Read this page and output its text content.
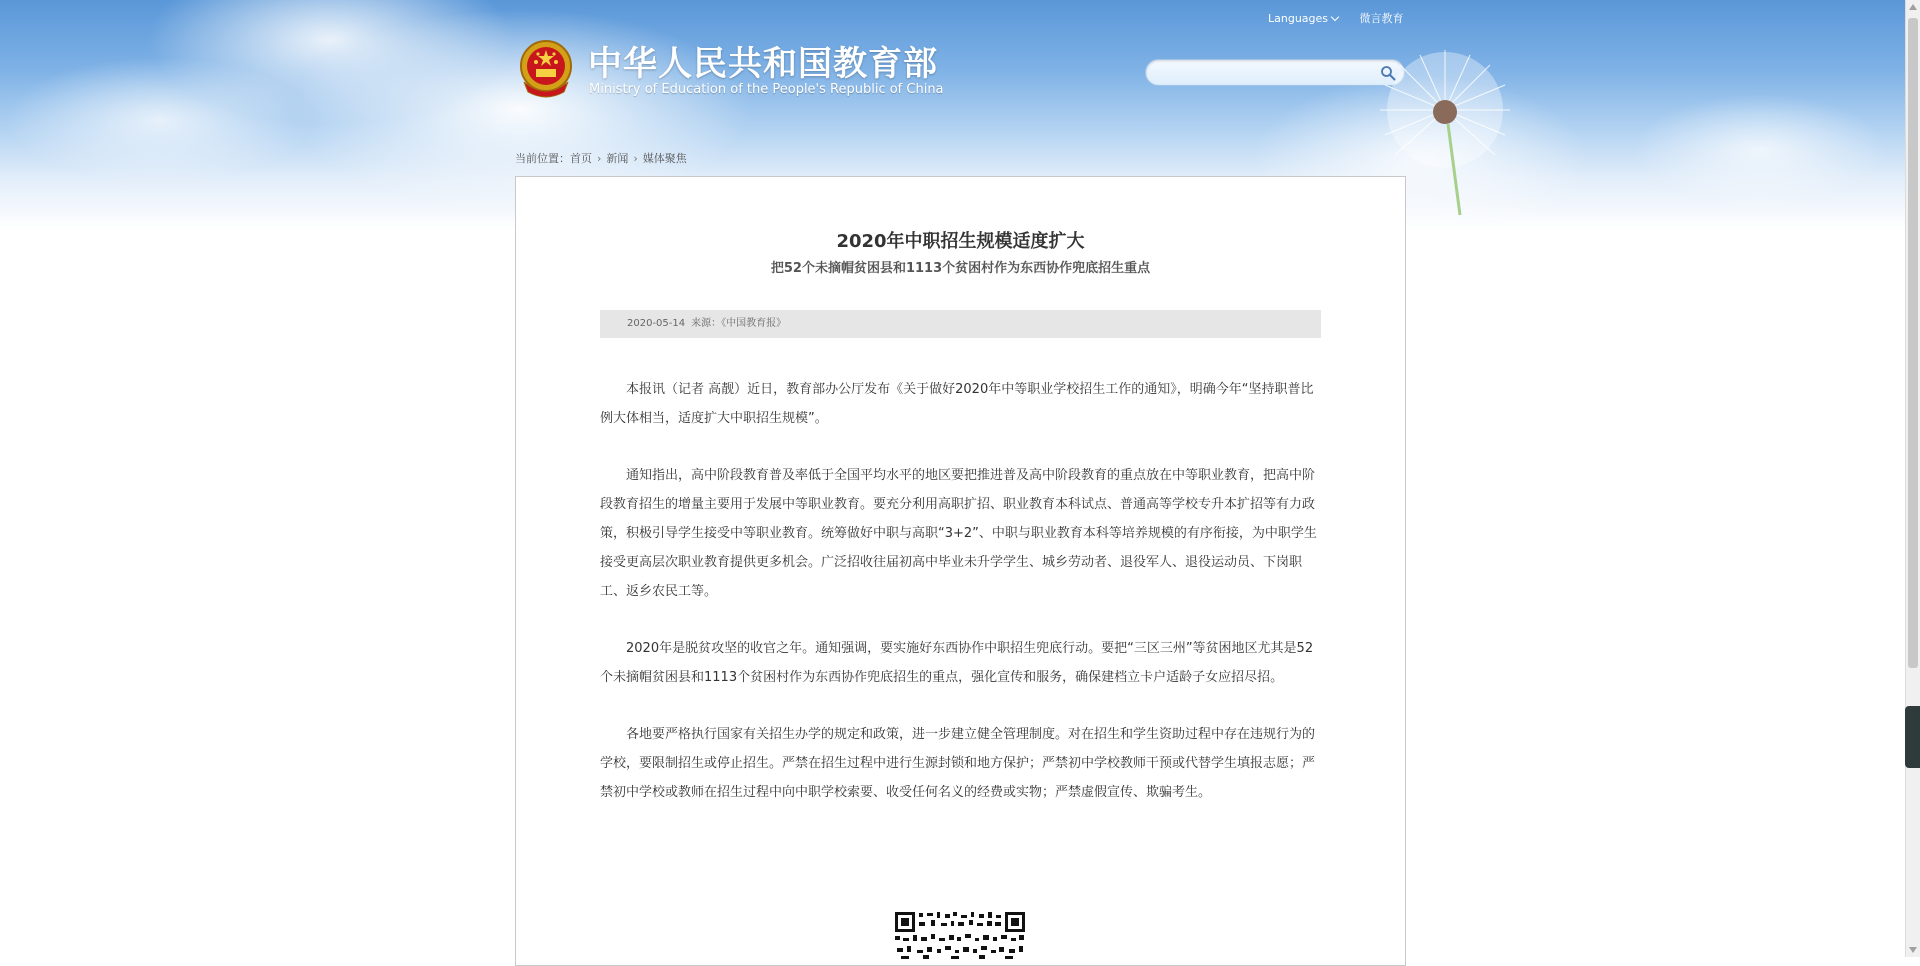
中华人民共和国教育部
Ministry of Education of the People's Republic of China
Languages	微言教育
当前位置：首页 › 新闻 › 媒体聚焦
2020年中职招生规模适度扩大
把52个未摘帽贫困县和1113个贫困村作为东西协作兜底招生重点
2020-05-14 来源：《中国教育报》

本报讯（记者 高靓）近日，教育部办公厅发布《关于做好2020年中等职业学校招生工作的通知》，明确今年“坚持职普比例大体相当，适度扩大中职招生规模”。

通知指出，高中阶段教育普及率低于全国平均水平的地区要把推进普及高中阶段教育的重点放在中等职业教育，把高中阶段教育招生的增量主要用于发展中等职业教育。要充分利用高职扩招、职业教育本科试点、普通高等学校专升本扩招等有力政策，积极引导学生接受中等职业教育。统筹做好中职与高职“3+2”、中职与职业教育本科等培养规模的有序衔接，为中职学生接受更高层次职业教育提供更多机会。广泛招收往届初高中毕业未升学学生、城乡劳动者、退役军人、退役运动员、下岗职工、返乡农民工等。

2020年是脱贫攻坚的收官之年。通知强调，要实施好东西协作中职招生兜底行动。要把“三区三州”等贫困地区尤其是52个未摘帽贫困县和1113个贫困村作为东西协作兜底招生的重点，强化宣传和服务，确保建档立卡户适龄子女应招尽招。

各地要严格执行国家有关招生办学的规定和政策，进一步建立健全管理制度。对在招生和学生资助过程中存在违规行为的学校，要限制招生或停止招生。严禁在招生过程中进行生源封锁和地方保护；严禁初中学校教师干预或代替学生填报志愿；严禁初中学校或教师在招生过程中向中职学校索要、收受任何名义的经费或实物；严禁虚假宣传、欺骗考生。
